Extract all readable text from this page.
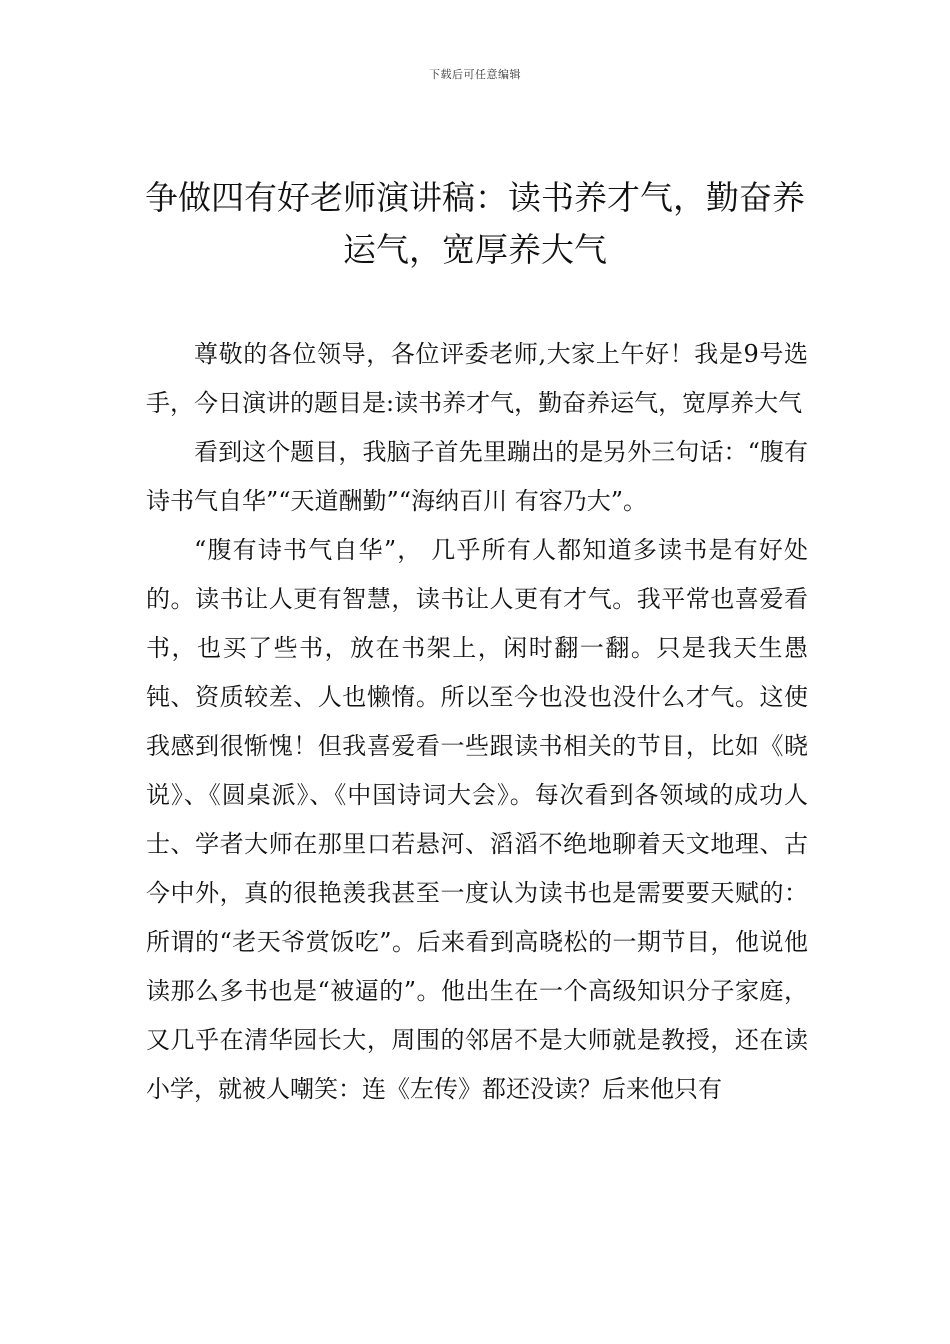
下载后可任意编辑
争做四有好老师演讲稿：读书养才气，勤奋养运气，宽厚养大气

尊敬的各位领导，各位评委老师,大家上午好！我是9号选手，今日演讲的题目是:读书养才气，勤奋养运气，宽厚养大气

看到这个题目，我脑子首先里蹦出的是另外三句话：“腹有诗书气自华”“天道酬勤”“海纳百川 有容乃大”。

“腹有诗书气自华”， 几乎所有人都知道多读书是有好处的。读书让人更有智慧，读书让人更有才气。我平常也喜爱看书，也买了些书，放在书架上，闲时翻一翻。只是我天生愚钝、资质较差、人也懒惰。所以至今也没也没什么才气。这使我感到很惭愧！但我喜爱看一些跟读书相关的节目，比如《晓说》、《圆桌派》、《中国诗词大会》。每次看到各领域的成功人士、学者大师在那里口若悬河、滔滔不绝地聊着天文地理、古今中外，真的很艳羡我甚至一度认为读书也是需要要天赋的：所谓的“老天爷赏饭吃”。后来看到高晓松的一期节目，他说他读那么多书也是“被逼的”。他出生在一个高级知识分子家庭，又几乎在清华园长大，周围的邻居不是大师就是教授，还在读小学，就被人嘲笑：连《左传》都还没读？后来他只有
